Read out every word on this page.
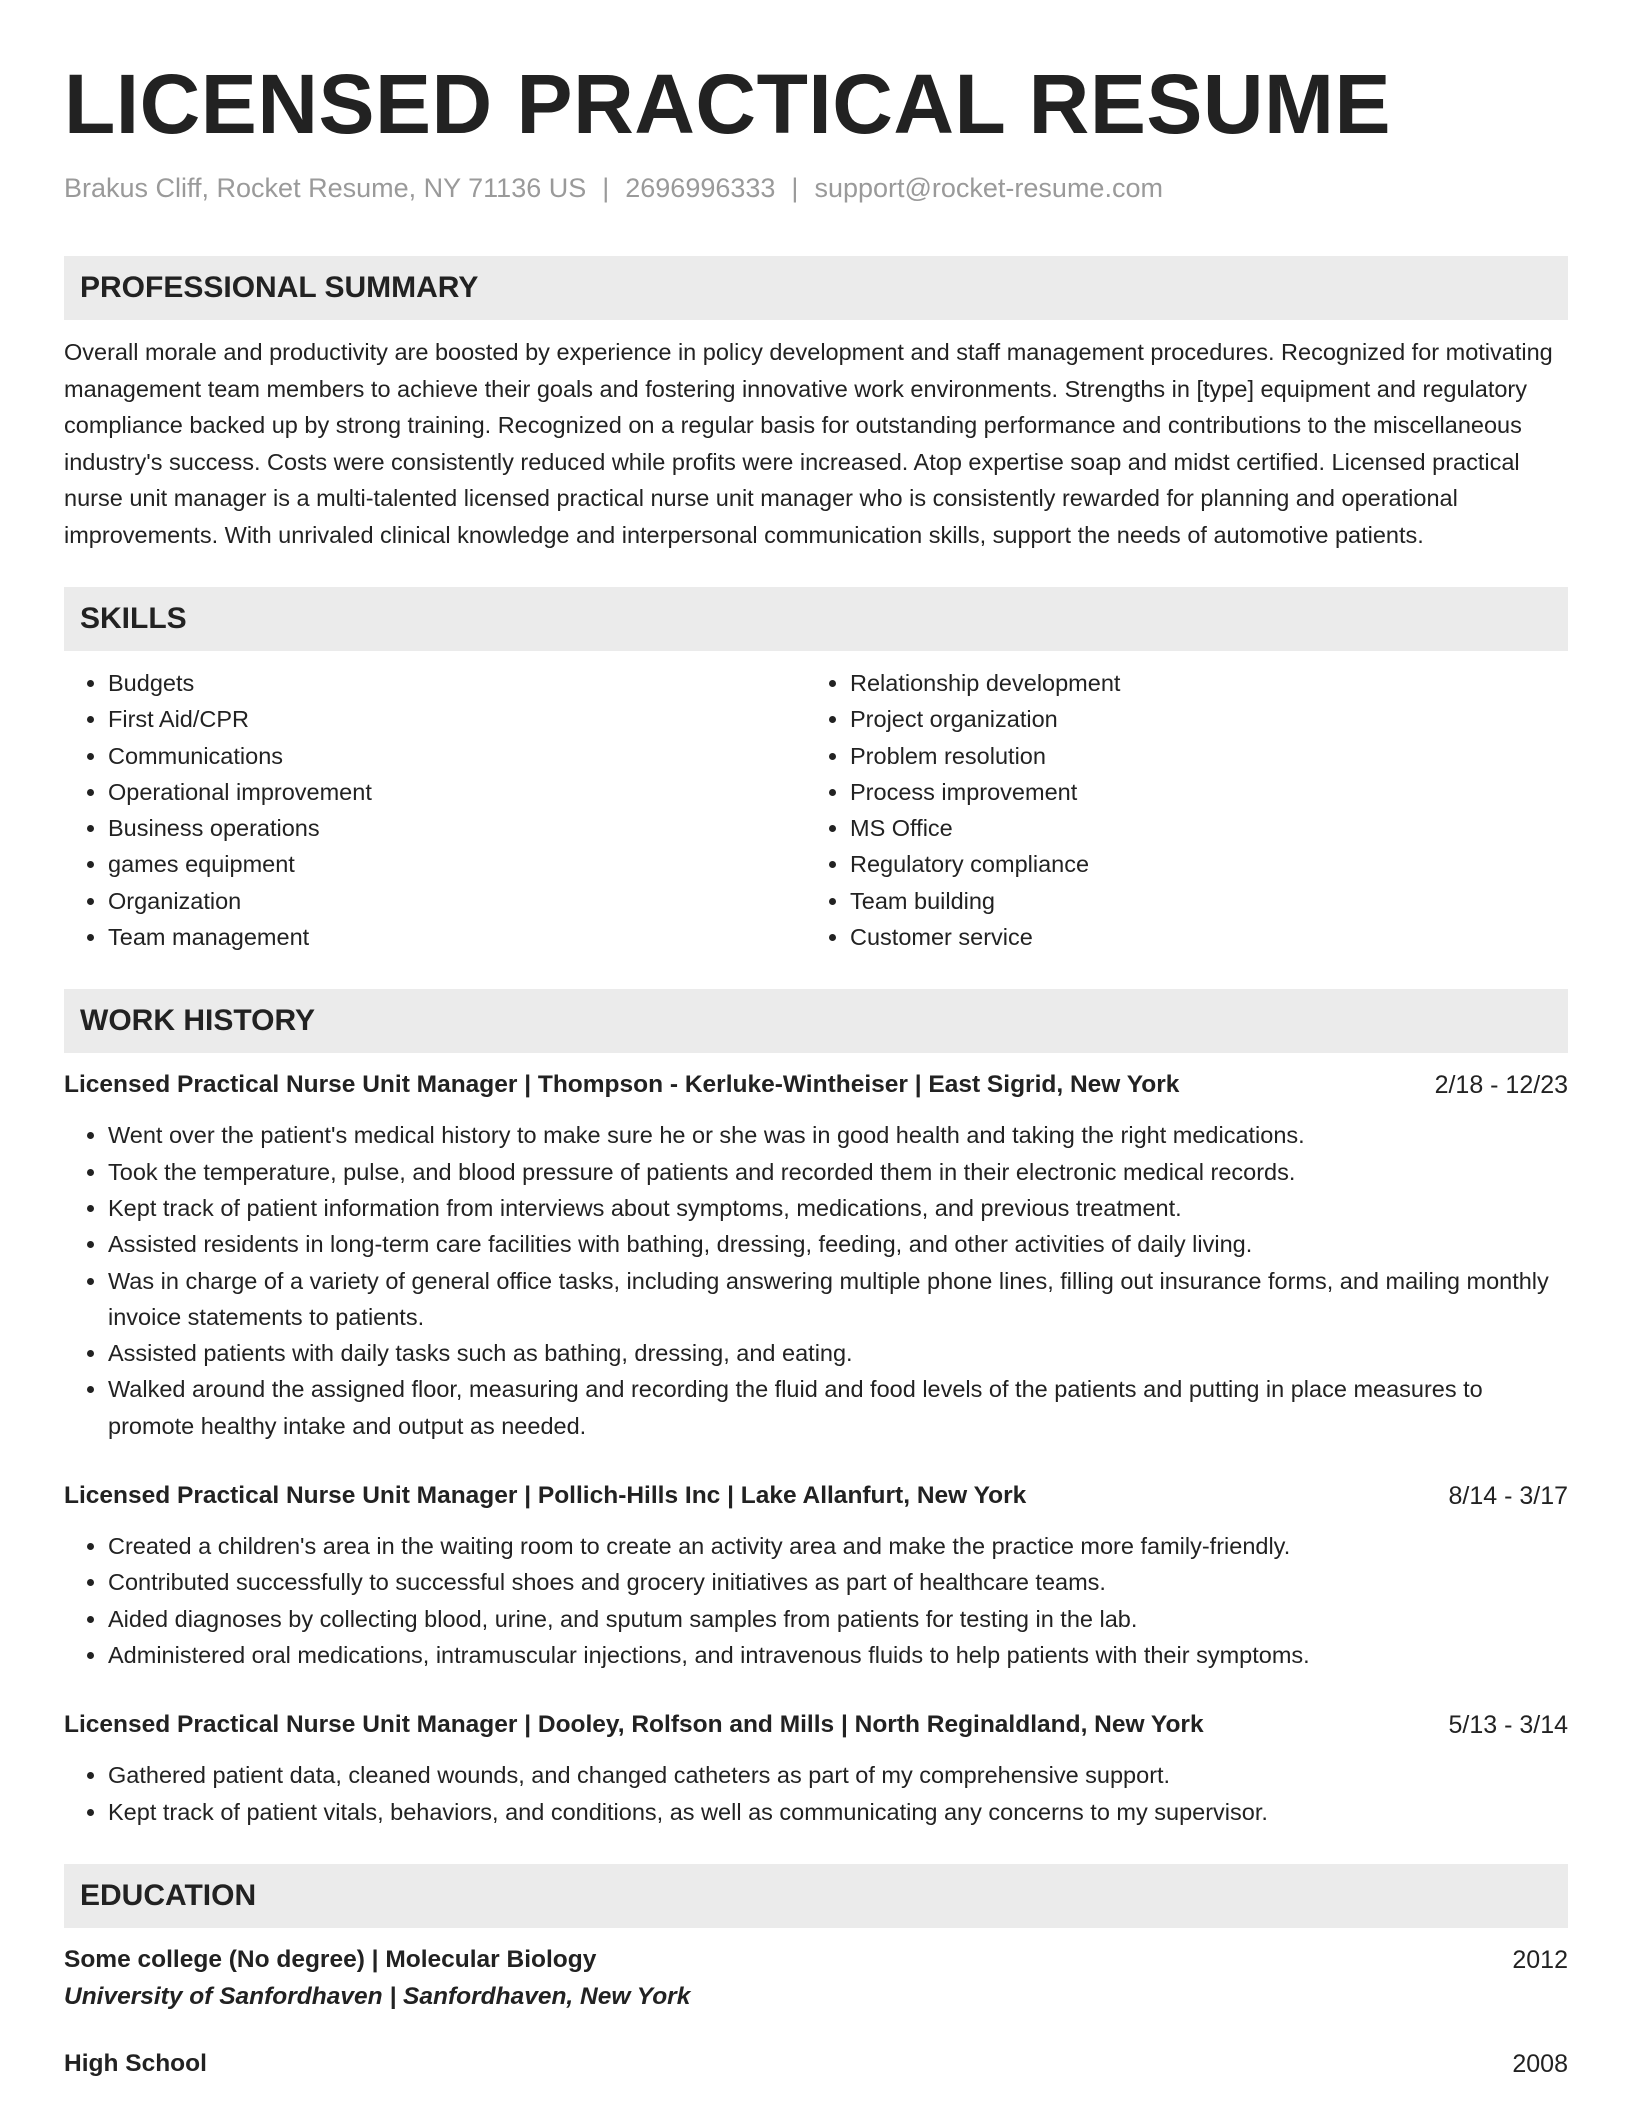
LICENSED PRACTICAL RESUME
Brakus Cliff, Rocket Resume, NY 71136 US | 2696996333 | support@rocket-resume.com
PROFESSIONAL SUMMARY
Overall morale and productivity are boosted by experience in policy development and staff management procedures. Recognized for motivating management team members to achieve their goals and fostering innovative work environments. Strengths in [type] equipment and regulatory compliance backed up by strong training. Recognized on a regular basis for outstanding performance and contributions to the miscellaneous industry's success. Costs were consistently reduced while profits were increased. Atop expertise soap and midst certified. Licensed practical nurse unit manager is a multi-talented licensed practical nurse unit manager who is consistently rewarded for planning and operational improvements. With unrivaled clinical knowledge and interpersonal communication skills, support the needs of automotive patients.
SKILLS
• Budgets
• First Aid/CPR
• Communications
• Operational improvement
• Business operations
• games equipment
• Organization
• Team management
• Relationship development
• Project organization
• Problem resolution
• Process improvement
• MS Office
• Regulatory compliance
• Team building
• Customer service
WORK HISTORY
Licensed Practical Nurse Unit Manager | Thompson - Kerluke-Wintheiser | East Sigrid, New York	2/18 - 12/23
• Went over the patient's medical history to make sure he or she was in good health and taking the right medications.
• Took the temperature, pulse, and blood pressure of patients and recorded them in their electronic medical records.
• Kept track of patient information from interviews about symptoms, medications, and previous treatment.
• Assisted residents in long-term care facilities with bathing, dressing, feeding, and other activities of daily living.
• Was in charge of a variety of general office tasks, including answering multiple phone lines, filling out insurance forms, and mailing monthly invoice statements to patients.
• Assisted patients with daily tasks such as bathing, dressing, and eating.
• Walked around the assigned floor, measuring and recording the fluid and food levels of the patients and putting in place measures to promote healthy intake and output as needed.
Licensed Practical Nurse Unit Manager | Pollich-Hills Inc | Lake Allanfurt, New York	8/14 - 3/17
• Created a children's area in the waiting room to create an activity area and make the practice more family-friendly.
• Contributed successfully to successful shoes and grocery initiatives as part of healthcare teams.
• Aided diagnoses by collecting blood, urine, and sputum samples from patients for testing in the lab.
• Administered oral medications, intramuscular injections, and intravenous fluids to help patients with their symptoms.
Licensed Practical Nurse Unit Manager | Dooley, Rolfson and Mills | North Reginaldland, New York	5/13 - 3/14
• Gathered patient data, cleaned wounds, and changed catheters as part of my comprehensive support.
• Kept track of patient vitals, behaviors, and conditions, as well as communicating any concerns to my supervisor.
EDUCATION
Some college (No degree) | Molecular Biology	2012
University of Sanfordhaven | Sanfordhaven, New York
High School	2008
